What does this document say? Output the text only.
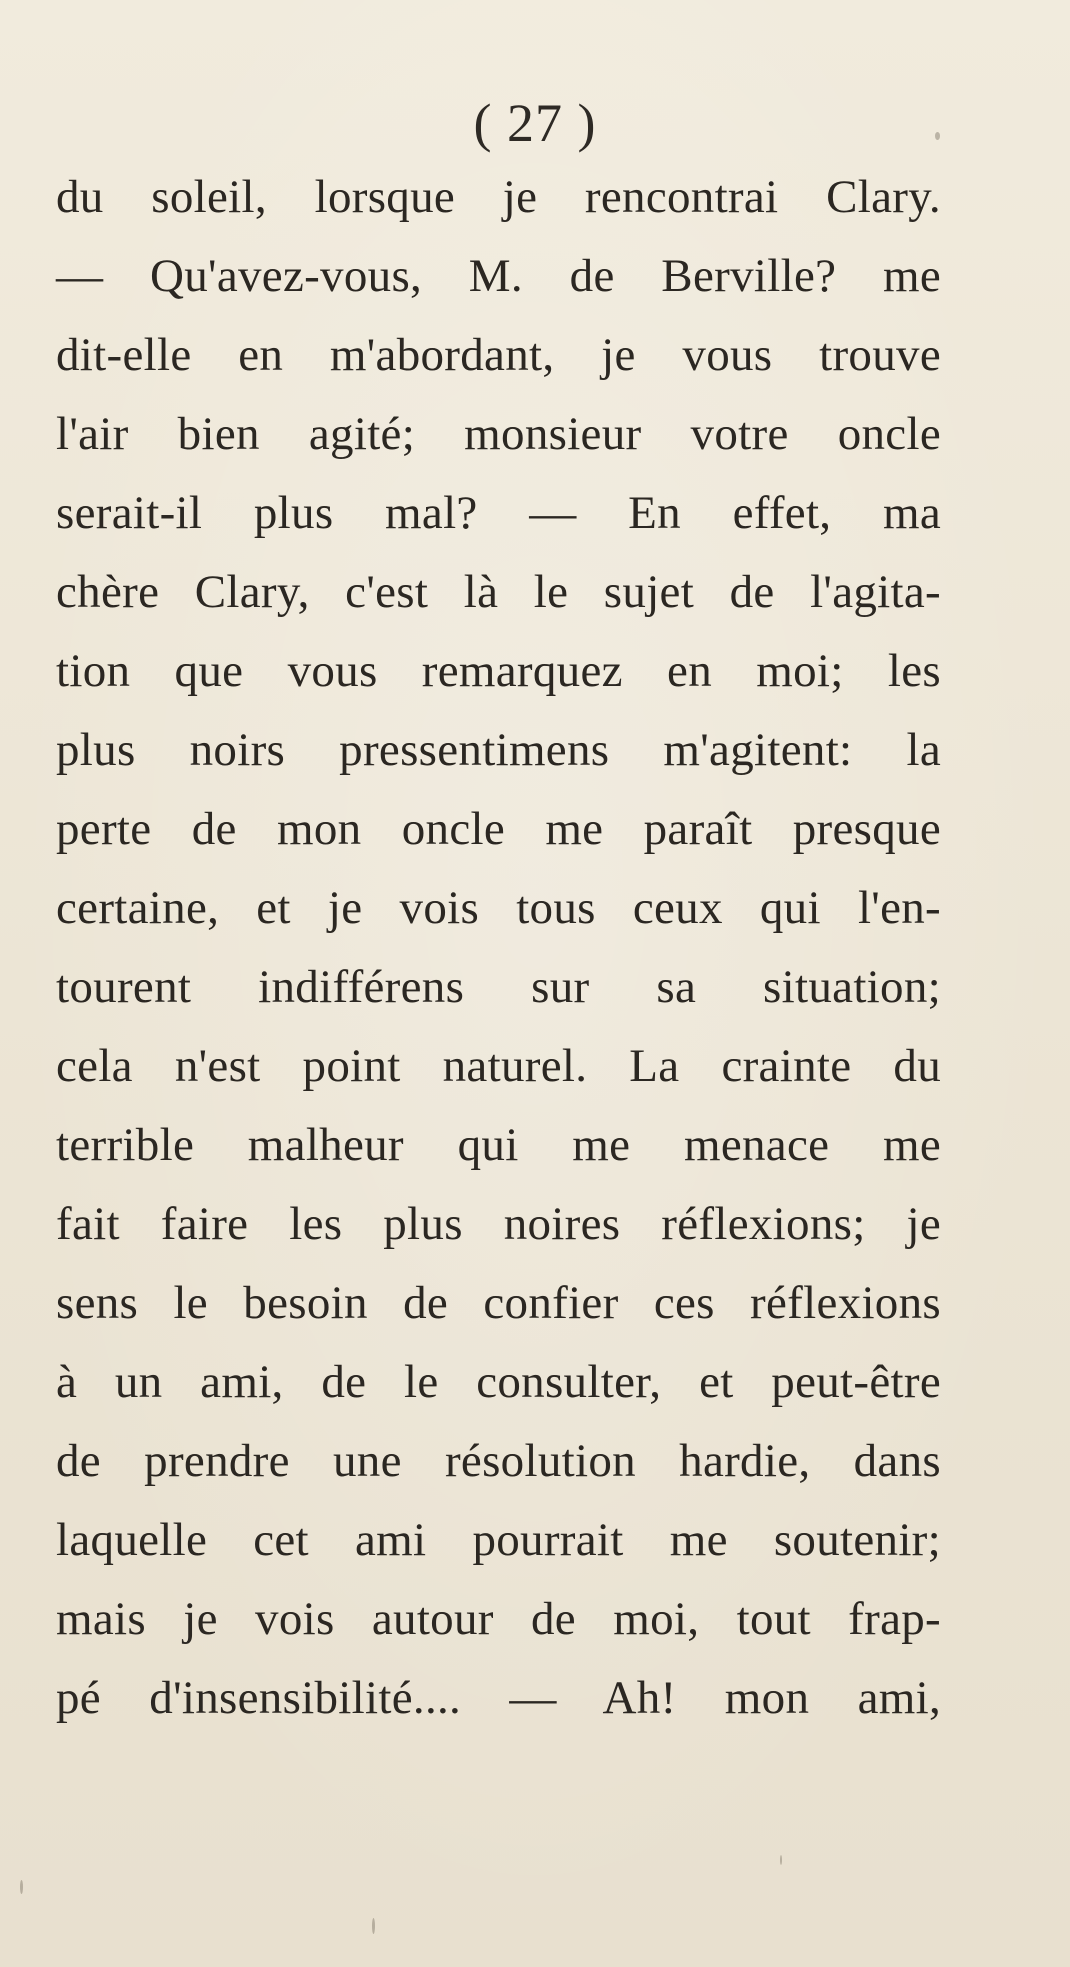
( 27 )
du soleil, lorsque je rencontrai Clary.
— Qu'avez-vous, M. de Berville? me
dit-elle en m'abordant, je vous trouve
l'air bien agité; monsieur votre oncle
serait-il plus mal? — En effet, ma
chère Clary, c'est là le sujet de l'agita-
tion que vous remarquez en moi; les
plus noirs pressentimens m'agitent: la
perte de mon oncle me paraît presque
certaine, et je vois tous ceux qui l'en-
tourent indifférens sur sa situation;
cela n'est point naturel. La crainte du
terrible malheur qui me menace me
fait faire les plus noires réflexions; je
sens le besoin de confier ces réflexions
à un ami, de le consulter, et peut-être
de prendre une résolution hardie, dans
laquelle cet ami pourrait me soutenir;
mais je vois autour de moi, tout frap-
pé d'insensibilité.... — Ah! mon ami,
